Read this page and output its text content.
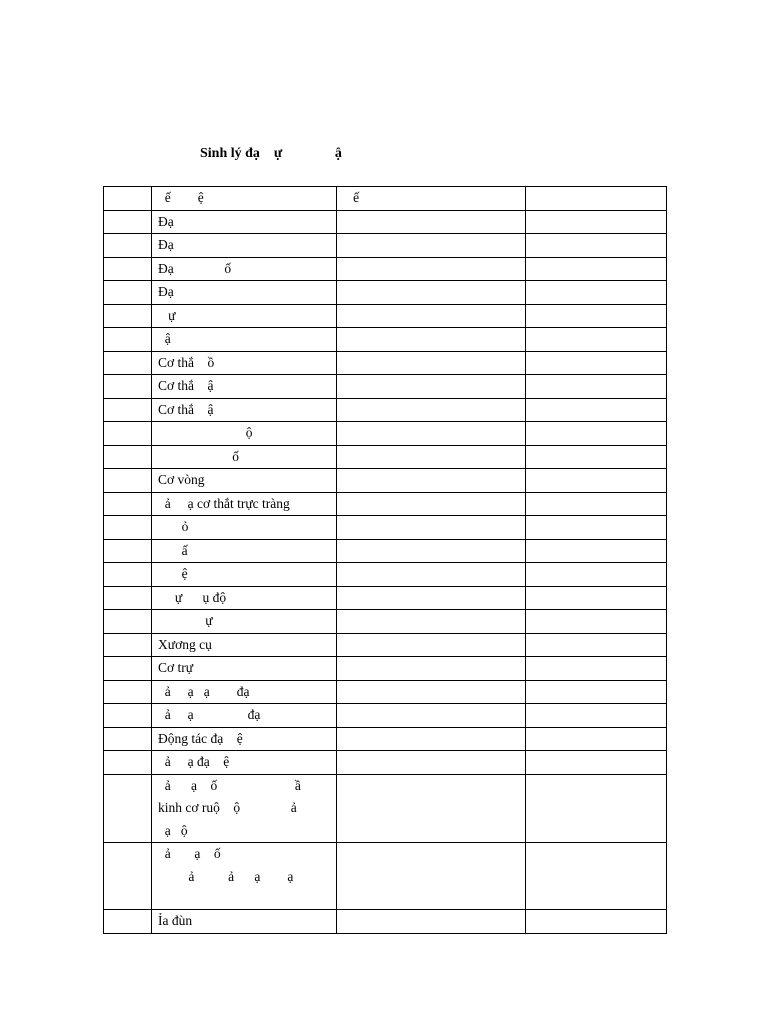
Sinh lý đạ    ự               ậ

	ế        ệ	ế	

	Đạ		

	Đạ		

	Đạ               ố		

	Đạ		

	ự		

	ậ		

	Cơ thắ    ồ		

	Cơ thắ    ậ		

	Cơ thắ    ậ		

	ộ		

	ố		

	Cơ vòng		

	ả     ạ cơ thắt trực tràng		

	ỏ		

	ấ		

	ệ		

	ự      ụ độ		

	ự		

	Xương cụ		

	Cơ trự		

	ả     ạ   ạ        đạ		

	ả     ạ                đạ		

	Động tác đạ    ệ		

	ả     ạ đạ    ệ		

	ả      ạ    ố                       ầ
kinh cơ ruộ    ộ               ả
ạ   ộ		

	ả       ạ    ố
ả          ả      ạ        ạ		

	Ỉa đùn		
